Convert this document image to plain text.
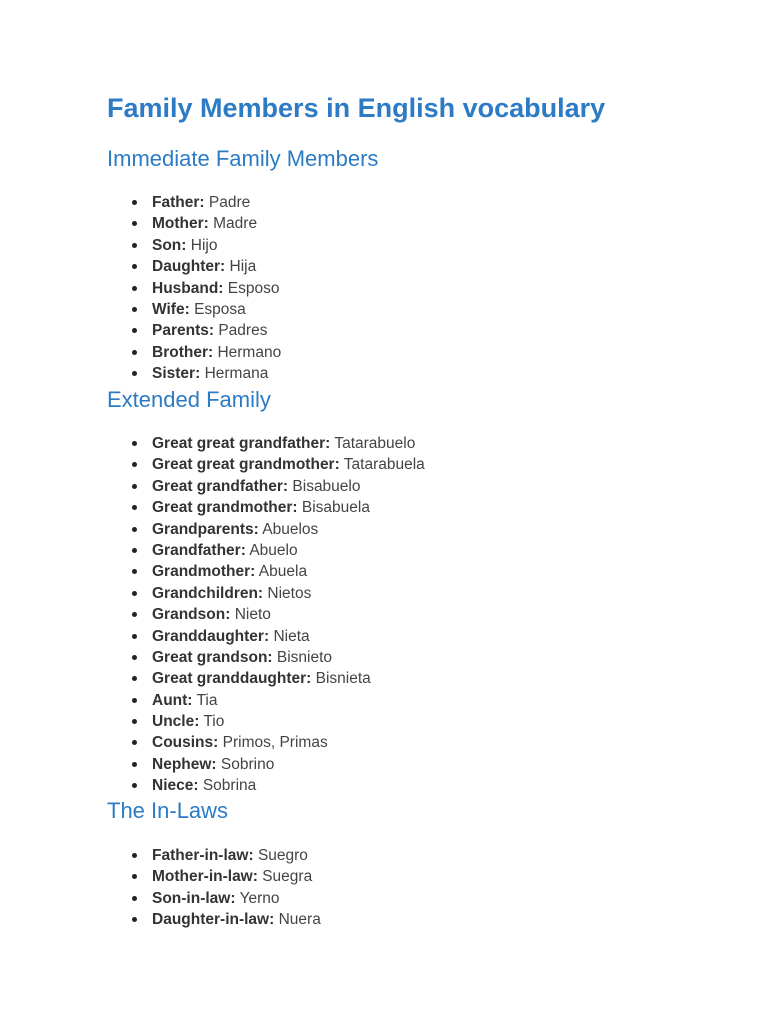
Family Members in English vocabulary
Immediate Family Members
Father: Padre
Mother: Madre
Son: Hijo
Daughter: Hija
Husband: Esposo
Wife: Esposa
Parents: Padres
Brother: Hermano
Sister: Hermana
Extended Family
Great great grandfather: Tatarabuelo
Great great grandmother: Tatarabuela
Great grandfather: Bisabuelo
Great grandmother: Bisabuela
Grandparents: Abuelos
Grandfather: Abuelo
Grandmother: Abuela
Grandchildren: Nietos
Grandson: Nieto
Granddaughter: Nieta
Great grandson: Bisnieto
Great granddaughter: Bisnieta
Aunt: Tia
Uncle: Tio
Cousins: Primos, Primas
Nephew: Sobrino
Niece: Sobrina
The In-Laws
Father-in-law: Suegro
Mother-in-law: Suegra
Son-in-law: Yerno
Daughter-in-law: Nuera
